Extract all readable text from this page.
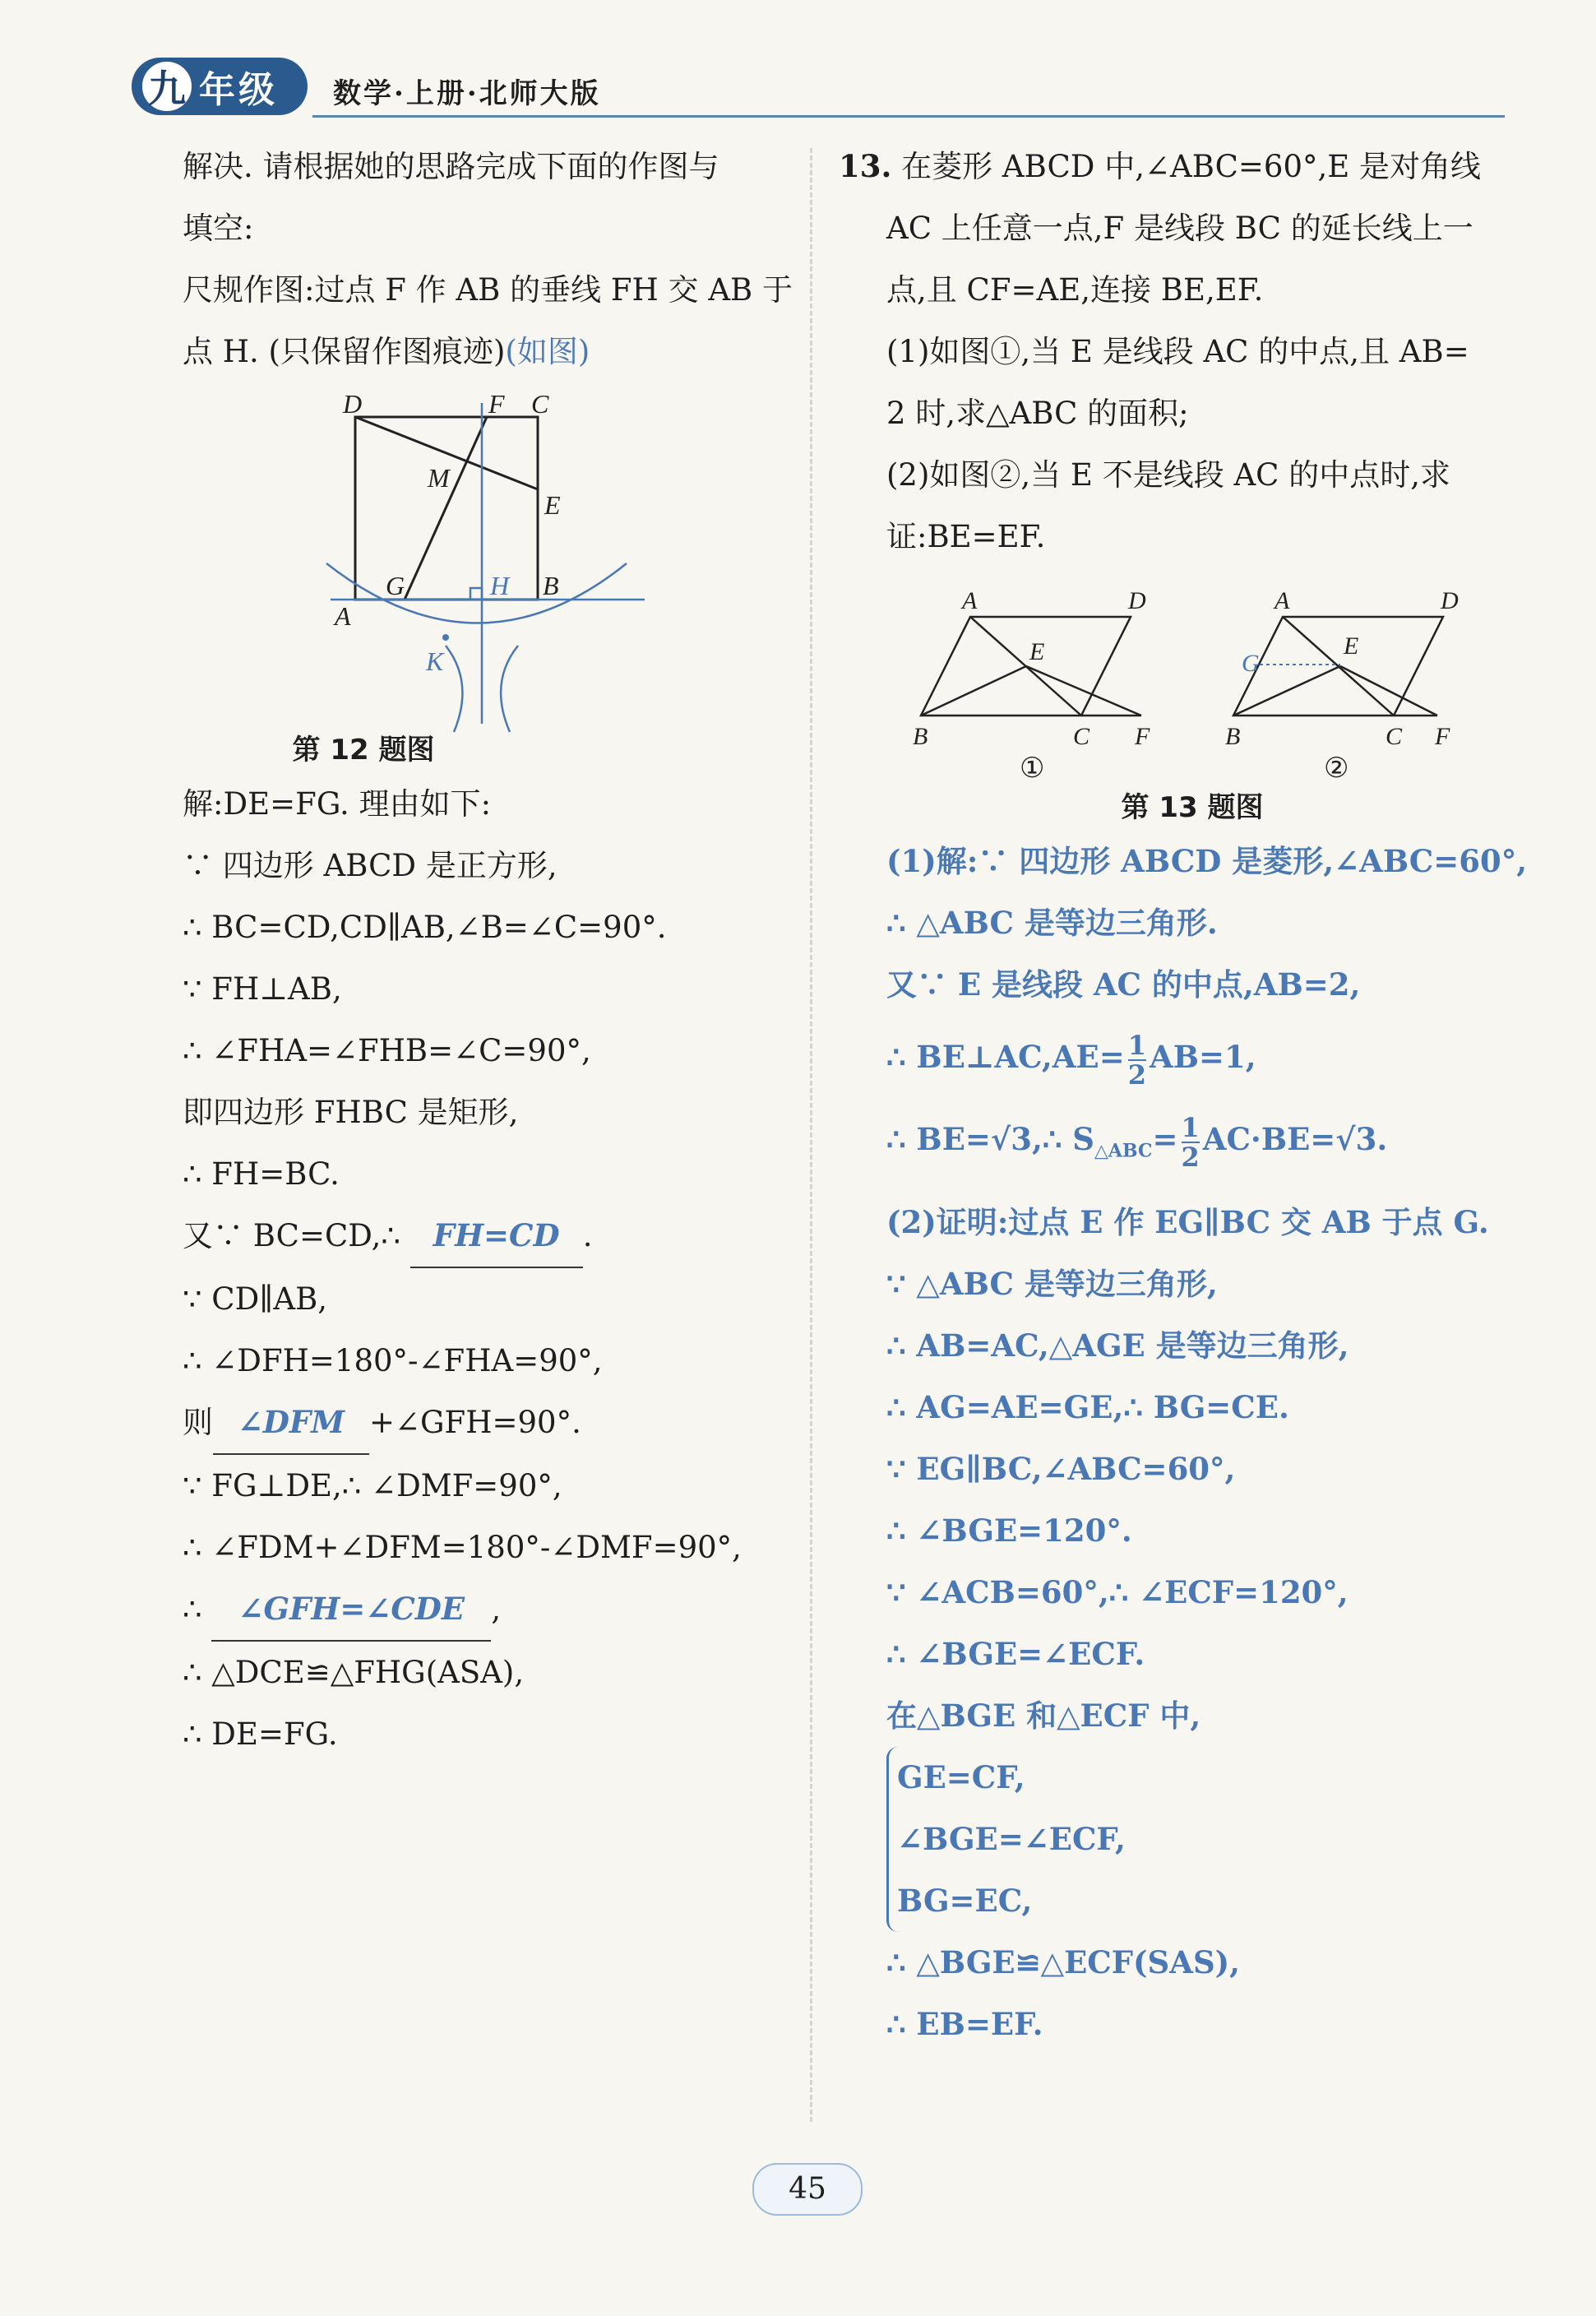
九 年级 数学·上册·北师大版
解决. 请根据她的思路完成下面的作图与
填空:
尺规作图:过点 F 作 AB 的垂线 FH 交 AB 于
点 H. (只保留作图痕迹)(如图)
D	F C
M
E
A
G	B
H
K
第 12 题图
解:DE=FG. 理由如下:
∵ 四边形 ABCD 是正方形,
∴ BC=CD,CD∥AB,∠B=∠C=90°.
∵ FH⊥AB,
∴ ∠FHA=∠FHB=∠C=90°,
即四边形 FHBC 是矩形,
∴ FH=BC.
又∵ BC=CD,∴ FH=CD .
∵ CD∥AB,
∴ ∠DFH=180°-∠FHA=90°,
则 ∠DFM +∠GFH=90°.
∵ FG⊥DE,∴ ∠DMF=90°,
∴ ∠FDM+∠DFM=180°-∠DMF=90°,
∴ ∠GFH=∠CDE ,
∴ △DCE≌△FHG(ASA),
∴ DE=FG.
13. 在菱形 ABCD 中,∠ABC=60°,E 是对角线
AC 上任意一点,F 是线段 BC 的延长线上一
点,且 CF=AE,连接 BE,EF.
(1)如图①,当 E 是线段 AC 的中点,且 AB=
2 时,求△ABC 的面积;
(2)如图②,当 E 不是线段 AC 的中点时,求
证:BE=EF.
A	D
E
B	C F
A	D
E
B	C F
G
①	②
第 13 题图
(1)解:∵ 四边形 ABCD 是菱形,∠ABC=60°,
∴ △ABC 是等边三角形.
又∵ E 是线段 AC 的中点,AB=2,
∴ BE⊥AC,AE= $\frac{1}{2} AB=1$,
∴ BE=√3,∴ $S_{\triangle ABC}= \frac{1}{2} AC\cdot BE=√3$.
(2)证明:过点 E 作 EG∥BC 交 AB 于点 G.
∵ △ABC 是等边三角形,
∴ AB=AC,△AGE 是等边三角形,
∴ AG=AE=GE,∴ BG=CE.
∵ EG∥BC,∠ABC=60°,
∴ ∠BGE=120°.
∵ ∠ACB=60°,∴ ∠ECF=120°,
∴ ∠BGE=∠ECF.
在△BGE 和△ECF 中,
GE=CF,
∠BGE=∠ECF,
BG=EC,
∴ △BGE≌△ECF(SAS),
∴ EB=EF.
45
